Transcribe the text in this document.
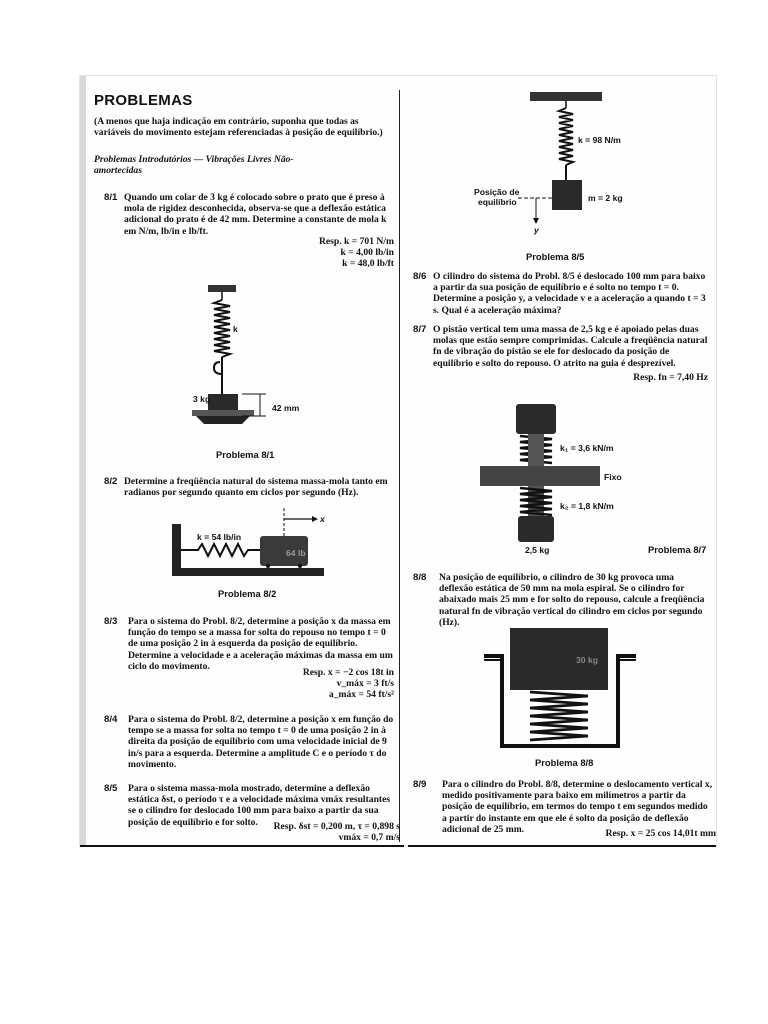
PROBLEMAS
(A menos que haja indicação em contrário, suponha que todas as variáveis do movimento estejam referenciadas à posição de equilíbrio.)
Problemas Introdutórios — Vibrações Livres Não-amortecidas
8/1 Quando um colar de 3 kg é colocado sobre o prato que é preso à mola de rigidez desconhecida, observa-se que a deflexão estática adicional do prato é de 42 mm. Determine a constante de mola k em N/m, lb/in e lb/ft.
Resp. k = 701 N/m
k = 4,00 lb/in
k = 48,0 lb/ft
k
3 kg
42 mm
Problema 8/1
8/2 Determine a freqüência natural do sistema massa-mola tanto em radianos por segundo quanto em ciclos por segundo (Hz).
k = 54 lb/in
64 lb
x
Problema 8/2
8/3 Para o sistema do Probl. 8/2, determine a posição x da massa em função do tempo se a massa for solta do repouso no tempo t = 0 de uma posição 2 in à esquerda da posição de equilíbrio. Determine a velocidade e a aceleração máximas da massa em um ciclo do movimento.
Resp. x = −2 cos 18t in
v_máx = 3 ft/s
a_máx = 54 ft/s²
8/4 Para o sistema do Probl. 8/2, determine a posição x em função do tempo se a massa for solta no tempo t = 0 de uma posição 2 in à direita da posição de equilíbrio com uma velocidade inicial de 9 in/s para a esquerda. Determine a amplitude C e o período τ do movimento.
8/5 Para o sistema massa-mola mostrado, determine a deflexão estática δst, o período τ e a velocidade máxima vmáx resultantes se o cilindro for deslocado 100 mm para baixo a partir da sua posição de equilíbrio e for solto.	Resp. δst = 0,200 m, τ = 0,898 s
vmáx = 0,7 m/s
k = 98 N/m
m = 2 kg
Posição de
equilíbrio
y
Problema 8/5
8/6 O cilindro do sistema do Probl. 8/5 é deslocado 100 mm para baixo a partir da sua posição de equilíbrio e é solto no tempo t = 0. Determine a posição y, a velocidade v e a aceleração a quando t = 3 s. Qual é a aceleração máxima?
8/7 O pistão vertical tem uma massa de 2,5 kg e é apoiado pelas duas molas que estão sempre comprimidas. Calcule a freqüência natural fn de vibração do pistão se ele for deslocado da posição de equilíbrio e solto do repouso. O atrito na guia é desprezível.
Resp. fn = 7,40 Hz
k₁ = 3,6 kN/m
Fixo
k₂ = 1,8 kN/m
2,5 kg	Problema 8/7
8/8 Na posição de equilíbrio, o cilindro de 30 kg provoca uma deflexão estática de 50 mm na mola espiral. Se o cilindro for abaixado mais 25 mm e for solto do repouso, calcule a freqüência natural fn de vibração vertical do cilindro em ciclos por segundo (Hz).
30 kg
Problema 8/8
8/9 Para o cilindro do Probl. 8/8, determine o deslocamento vertical x, medido positivamente para baixo em milímetros a partir da posição de equilíbrio, em termos do tempo t em segundos medido a partir do instante em que ele é solto da posição de deflexão adicional de 25 mm.	Resp. x = 25 cos 14,01t mm
